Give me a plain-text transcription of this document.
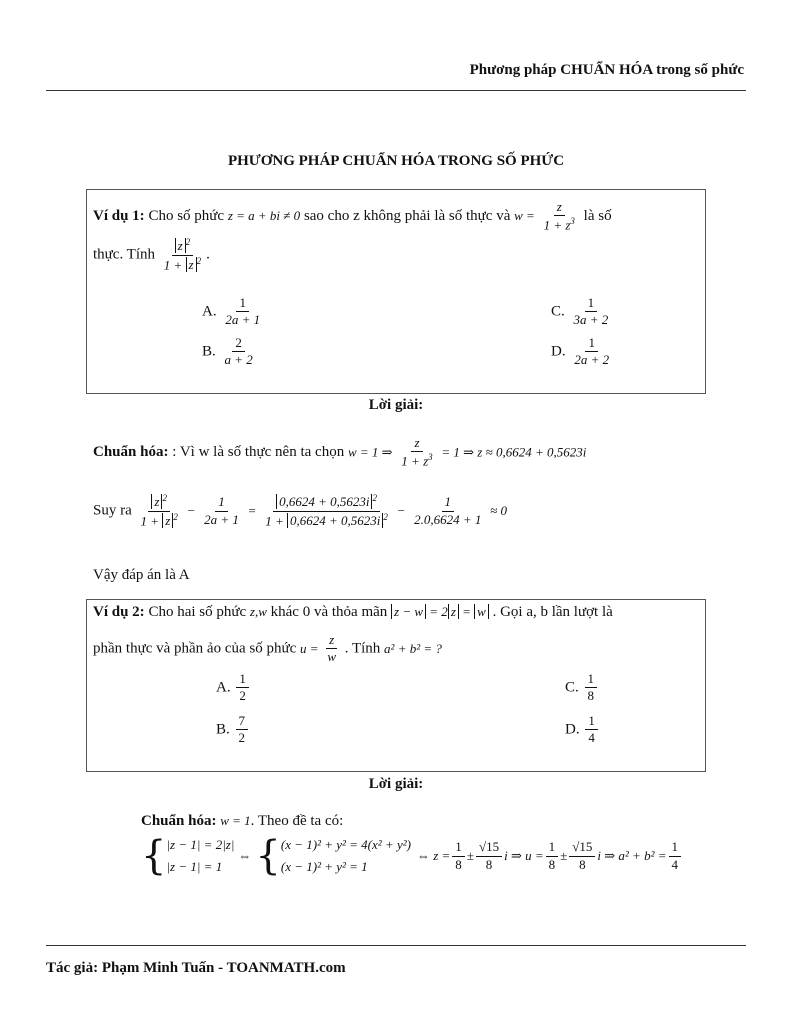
Phương pháp CHUẨN HÓA trong số phức
PHƯƠNG PHÁP CHUẨN HÓA TRONG SỐ PHỨC
Ví dụ 1: Cho số phức z = a + bi ≠ 0 sao cho z không phải là số thực và $w = \frac{z}{1 + z^3}$ là số
thực. Tính $\frac{z ^2}{1 + z ^2}$ .
A. $\frac{1}{2a + 1}$
B. $\frac{2}{a + 2}$
C. $\frac{1}{3a + 2}$
D. $\frac{1}{2a + 2}$
Lời giải:
Chuẩn hóa: : Vì w là số thực nên ta chọn w = 1 ⇒ $\frac{z}{1 + z^3} = 1$ ⇒ z ≈ 0,6624 + 0,5623i
Suy ra $\frac{z ^2}{1 + z ^2} - \frac{1}{2a + 1} = \frac{0,6624 + 0,5623i ^2}{1 + 0,6624 + 0,5623i ^2} - \frac{1}{2.0,6624 + 1} \approx 0$
Vậy đáp án là A
Ví dụ 2: Cho hai số phức z,w khác 0 và thỏa mãn z − w = 2 z = w . Gọi a, b lần lượt là
phần thực và phần ảo của số phức $u = \frac{z}{w}$ . Tính a² + b² = ?
A. $\frac{1}{2}$
B. $\frac{7}{2}$
C. $\frac{1}{8}$
D. $\frac{1}{4}$
Lời giải:
Chuẩn hóa: w = 1. Theo đề ta có:
{ |z − 1| = 2|z|
|z − 1| = 1
⇔ { (x − 1)² + y² = 4(x² + y²)
(x − 1)² + y² = 1
⇔ $z = \frac{1}{8} \pm \frac{√15}{8}$ i ⇒ $u = \frac{1}{8} \pm \frac{√15}{8}$ i ⇒ $a^2 + b^2 = \frac{1}{4}$
Tác giả: Phạm Minh Tuấn - TOANMATH.com
